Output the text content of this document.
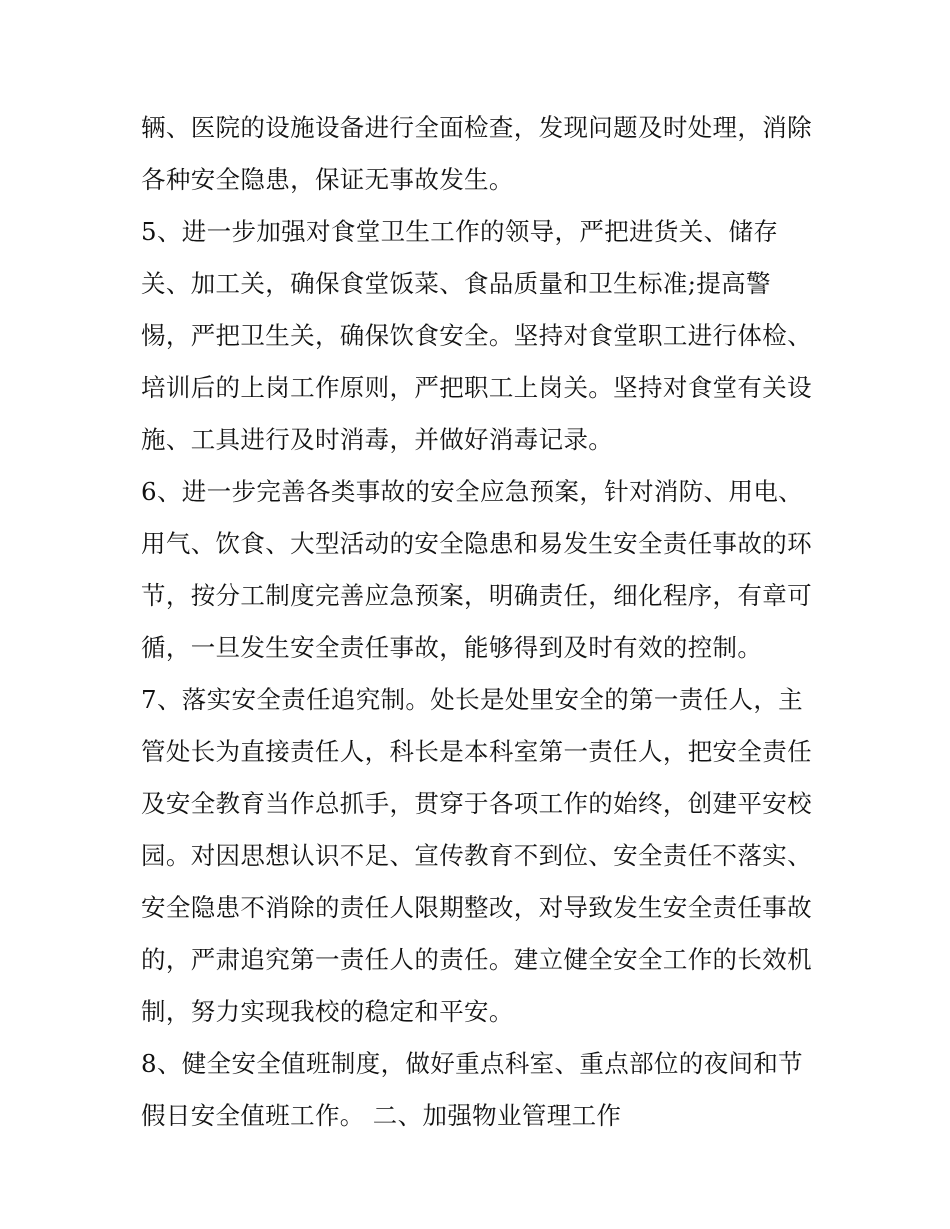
辆、医院的设施设备进行全面检查，发现问题及时处理，消除
各种安全隐患，保证无事故发生。
5、进一步加强对食堂卫生工作的领导，严把进货关、储存
关、加工关，确保食堂饭菜、食品质量和卫生标准;提高警
惕，严把卫生关，确保饮食安全。坚持对食堂职工进行体检、
培训后的上岗工作原则，严把职工上岗关。坚持对食堂有关设
施、工具进行及时消毒，并做好消毒记录。
6、进一步完善各类事故的安全应急预案，针对消防、用电、
用气、饮食、大型活动的安全隐患和易发生安全责任事故的环
节，按分工制度完善应急预案，明确责任，细化程序，有章可
循，一旦发生安全责任事故，能够得到及时有效的控制。
7、落实安全责任追究制。处长是处里安全的第一责任人，主
管处长为直接责任人，科长是本科室第一责任人，把安全责任
及安全教育当作总抓手，贯穿于各项工作的始终，创建平安校
园。对因思想认识不足、宣传教育不到位、安全责任不落实、
安全隐患不消除的责任人限期整改，对导致发生安全责任事故
的，严肃追究第一责任人的责任。建立健全安全工作的长效机
制，努力实现我校的稳定和平安。
8、健全安全值班制度，做好重点科室、重点部位的夜间和节
假日安全值班工作。 二、加强物业管理工作
